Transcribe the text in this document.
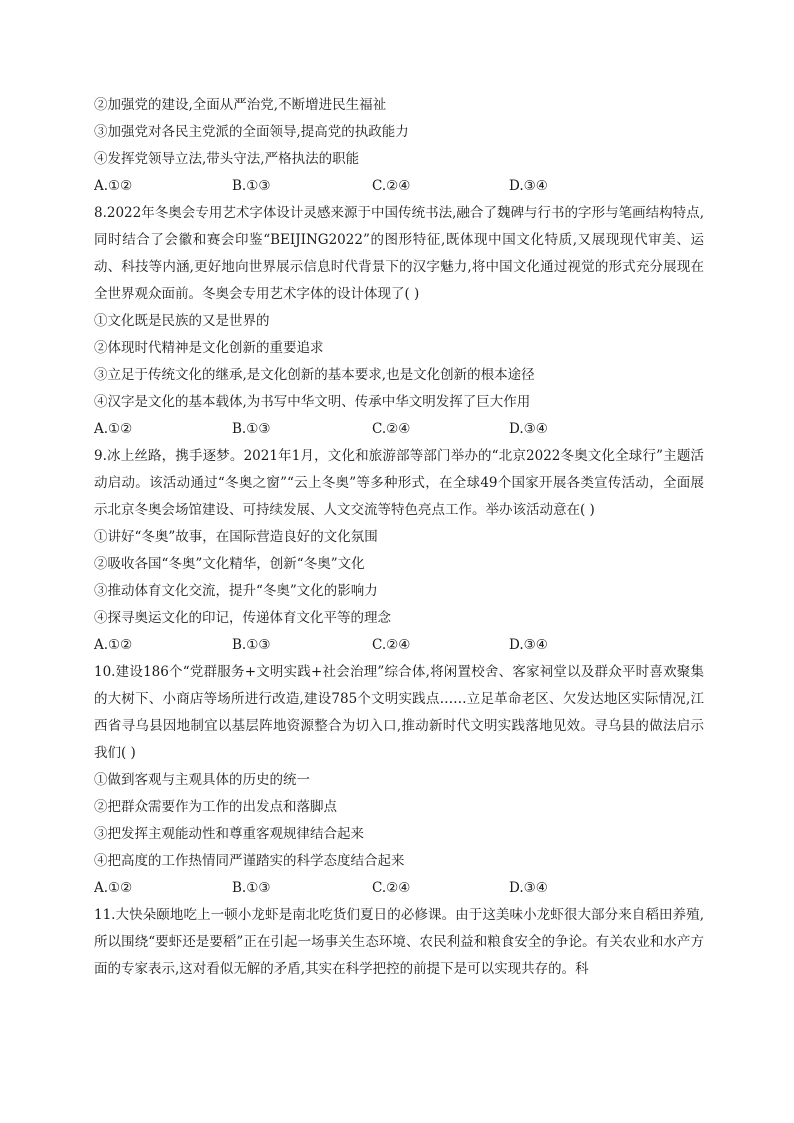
②加强党的建设,全面从严治党,不断增进民生福祉
③加强党对各民主党派的全面领导,提高党的执政能力
④发挥党领导立法,带头守法,严格执法的职能
A.①②	B.①③	C.②④	D.③④
8.2022年冬奥会专用艺术字体设计灵感来源于中国传统书法,融合了魏碑与行书的字形与笔画结构特点,同时结合了会徽和赛会印鉴“BEIJING2022”的图形特征,既体现中国文化特质,又展现现代审美、运动、科技等内涵,更好地向世界展示信息时代背景下的汉字魅力,将中国文化通过视觉的形式充分展现在全世界观众面前。冬奥会专用艺术字体的设计体现了( )
①文化既是民族的又是世界的
②体现时代精神是文化创新的重要追求
③立足于传统文化的继承,是文化创新的基本要求,也是文化创新的根本途径
④汉字是文化的基本载体,为书写中华文明、传承中华文明发挥了巨大作用
A.①②	B.①③	C.②④	D.③④
9.冰上丝路，携手逐梦。2021年1月，文化和旅游部等部门举办的“北京2022冬奥文化全球行”主题活动启动。该活动通过“冬奥之窗”“云上冬奥”等多种形式，在全球49个国家开展各类宣传活动，全面展示北京冬奥会场馆建设、可持续发展、人文交流等特色亮点工作。举办该活动意在( )
①讲好“冬奥”故事，在国际营造良好的文化氛围
②吸收各国“冬奥”文化精华，创新“冬奥”文化
③推动体育文化交流，提升“冬奥”文化的影响力
④探寻奥运文化的印记，传递体育文化平等的理念
A.①②	B.①③	C.②④	D.③④
10.建设186个“党群服务+文明实践+社会治理”综合体,将闲置校舍、客家祠堂以及群众平时喜欢聚集的大树下、小商店等场所进行改造,建设785个文明实践点……立足革命老区、欠发达地区实际情况,江西省寻乌县因地制宜以基层阵地资源整合为切入口,推动新时代文明实践落地见效。寻乌县的做法启示我们( )
①做到客观与主观具体的历史的统一
②把群众需要作为工作的出发点和落脚点
③把发挥主观能动性和尊重客观规律结合起来
④把高度的工作热情同严谨踏实的科学态度结合起来
A.①②	B.①③	C.②④	D.③④
11.大快朵颐地吃上一顿小龙虾是南北吃货们夏日的必修课。由于这美味小龙虾很大部分来自稻田养殖,所以围绕“要虾还是要稻”正在引起一场事关生态环境、农民利益和粮食安全的争论。有关农业和水产方面的专家表示,这对看似无解的矛盾,其实在科学把控的前提下是可以实现共存的。科
